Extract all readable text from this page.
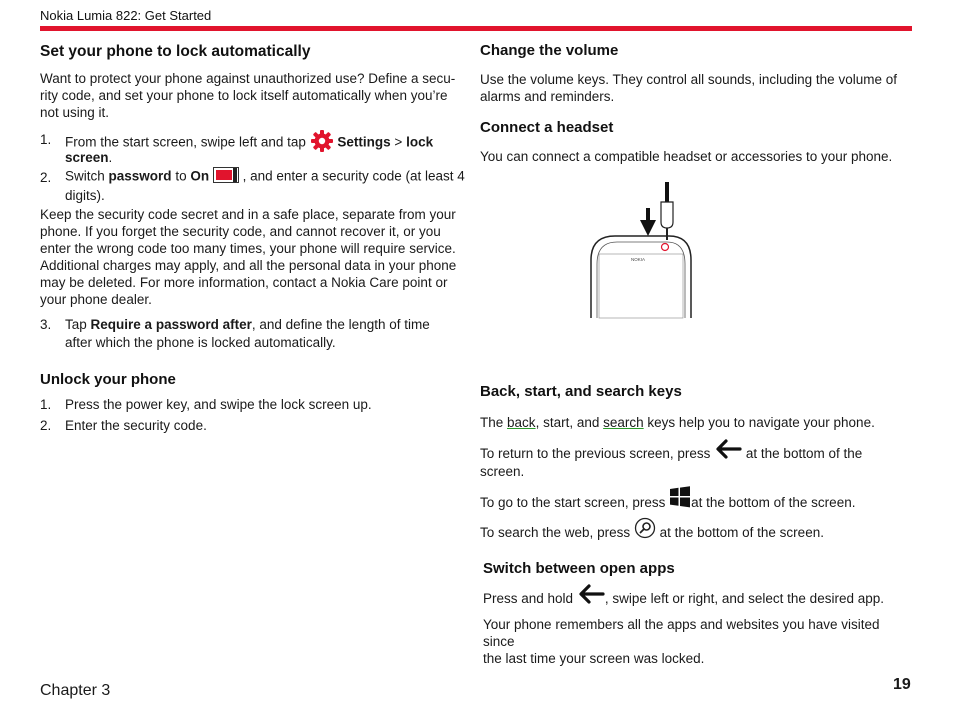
Nokia Lumia 822: Get Started
Set your phone to lock automatically

Want to protect your phone against unauthorized use? Define a secu-

rity code, and set your phone to lock itself automatically when you’re

not using it.

1. From the start screen, swipe left and tap Settings > lock
screen.
2. Switch password to On , and enter a security code (at least 4
digits).

Keep the security code secret and in a safe place, separate from your

phone. If you forget the security code, and cannot recover it, or you

enter the wrong code too many times, your phone will require service.

Additional charges may apply, and all the personal data in your phone

may be deleted. For more information, contact a Nokia Care point or

your phone dealer.

3. Tap Require a password after, and define the length of time
after which the phone is locked automatically.
Unlock your phone
1. Press the power key, and swipe the lock screen up.
2. Enter the security code.
Change the volume

Use the volume keys. They control all sounds, including the volume of

alarms and reminders.

Connect a headset

You can connect a compatible headset or accessories to your phone.

NOKIA
Back, start, and search keys
The back, start, and search keys help you to navigate your phone.
To return to the previous screen, press	at the bottom of the
screen.
To go to the start screen, press at the bottom of the screen.
To search the web, press at the bottom of the screen.
Switch between open apps
Press and hold , swipe left or right, and select the desired app.

Your phone remembers all the apps and websites you have visited since

the last time your screen was locked.

Chapter 3	19
